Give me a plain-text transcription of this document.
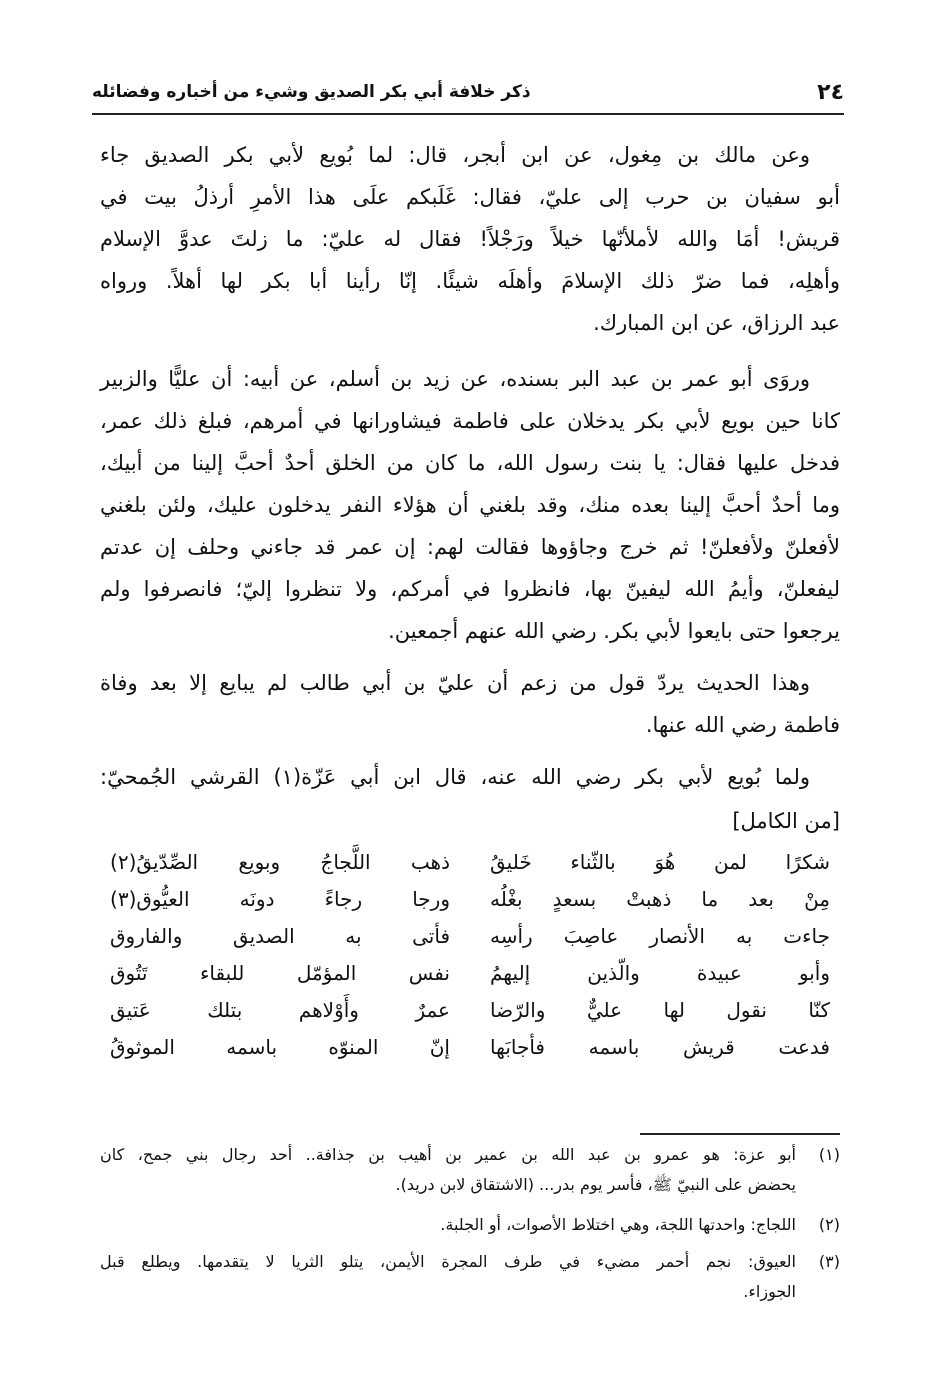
٢٤
ذكر خلافة أبي بكر الصديق وشيء من أخباره وفضائله
وعن مالك بن مِغول، عن ابن أبجر، قال: لما بُويع لأبي بكر الصديق جاء
أبو سفيان بن حرب إلى عليّ، فقال: غَلَبكم علَى هذا الأمرِ أرذلُ بيت في
قريش! أمَا والله لأملأنّها خيلاً ورَجْلاً! فقال له عليّ: ما زلتَ عدوَّ الإسلام
وأهلِه، فما ضرّ ذلك الإسلامَ وأهلَه شيئًا. إنّا رأينا أبا بكر لها أهلاً. ورواه
عبد الرزاق، عن ابن المبارك.
وروَى أبو عمر بن عبد البر بسنده، عن زيد بن أسلم، عن أبيه: أن عليًّا والزبير
كانا حين بويع لأبي بكر يدخلان على فاطمة فيشاورانها في أمرهم، فبلغ ذلك عمر،
فدخل عليها فقال: يا بنت رسول الله، ما كان من الخلق أحدٌ أحبَّ إلينا من أبيك،
وما أحدٌ أحبَّ إلينا بعده منك، وقد بلغني أن هؤلاء النفر يدخلون عليك، ولئن بلغني
لأفعلنّ ولأفعلنّ! ثم خرج وجاؤوها فقالت لهم: إن عمر قد جاءني وحلف إن عدتم
ليفعلنّ، وأيمُ الله ليفينّ بها، فانظروا في أمركم، ولا تنظروا إليّ؛ فانصرفوا ولم
يرجعوا حتى بايعوا لأبي بكر. رضي الله عنهم أجمعين.
وهذا الحديث يردّ قول من زعم أن عليّ بن أبي طالب لم يبايع إلا بعد وفاة
فاطمة رضي الله عنها.
ولما بُويع لأبي بكر رضي الله عنه، قال ابن أبي عَزّة(١) القرشي الجُمحيّ:
[من الكامل]
شكرًا لمن هُوَ بالثّناء خَليقُ
ذهب اللَّجاجُ وبويع الصِّدّيقُ(٢)
مِنْ بعد ما ذهبتْ بسعدٍ بغْلُه
ورجا رجاءً دونَه العيُّوق(٣)
جاءت به الأنصار عاصِبَ رأسِه
فأتى به الصديق والفاروق
وأبو عبيدة والّذين إليهمُ
نفس المؤمّل للبقاء تَتُوق
كنّا نقول لها عليٌّ والرّضا
عمرٌ وأَوْلاهم بتلك عَتيق
فدعت قريش باسمه فأجابَها
إنّ المنوّه باسمه الموثوقُ
(١)
أبو عزة: هو عمرو بن عبد الله بن عمير بن أهيب بن جذافة.. أحد رجال بني جمح، كان
يحضض على النبيّ ﷺ، فأسر يوم بدر... (الاشتقاق لابن دريد).
(٢)
اللجاج: واحدتها اللجة، وهي اختلاط الأصوات، أو الجلبة.
(٣)
العيوق: نجم أحمر مضيء في طرف المجرة الأيمن، يتلو الثريا لا يتقدمها. ويطلع قبل
الجوزاء.
